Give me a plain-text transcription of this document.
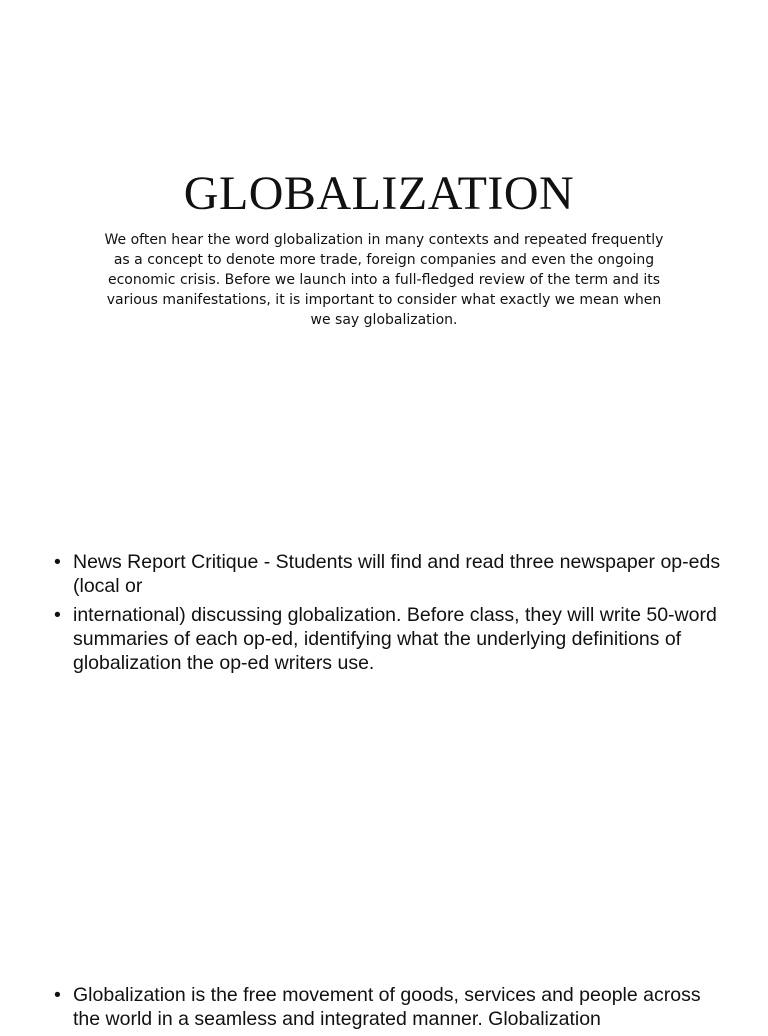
GLOBALIZATION
We often hear the word globalization in many contexts and repeated frequently as a concept to denote more trade, foreign companies and even the ongoing economic crisis. Before we launch into a full-fledged review of the term and its various manifestations, it is important to consider what exactly we mean when we say globalization.
• News Report Critique - Students will find and read three newspaper op-eds (local or
• international) discussing globalization. Before class, they will write 50-word summaries of each op-ed, identifying what the underlying definitions of globalization the op-ed writers use.
• Globalization is the free movement of goods, services and people across the world in a seamless and integrated manner. Globalization
